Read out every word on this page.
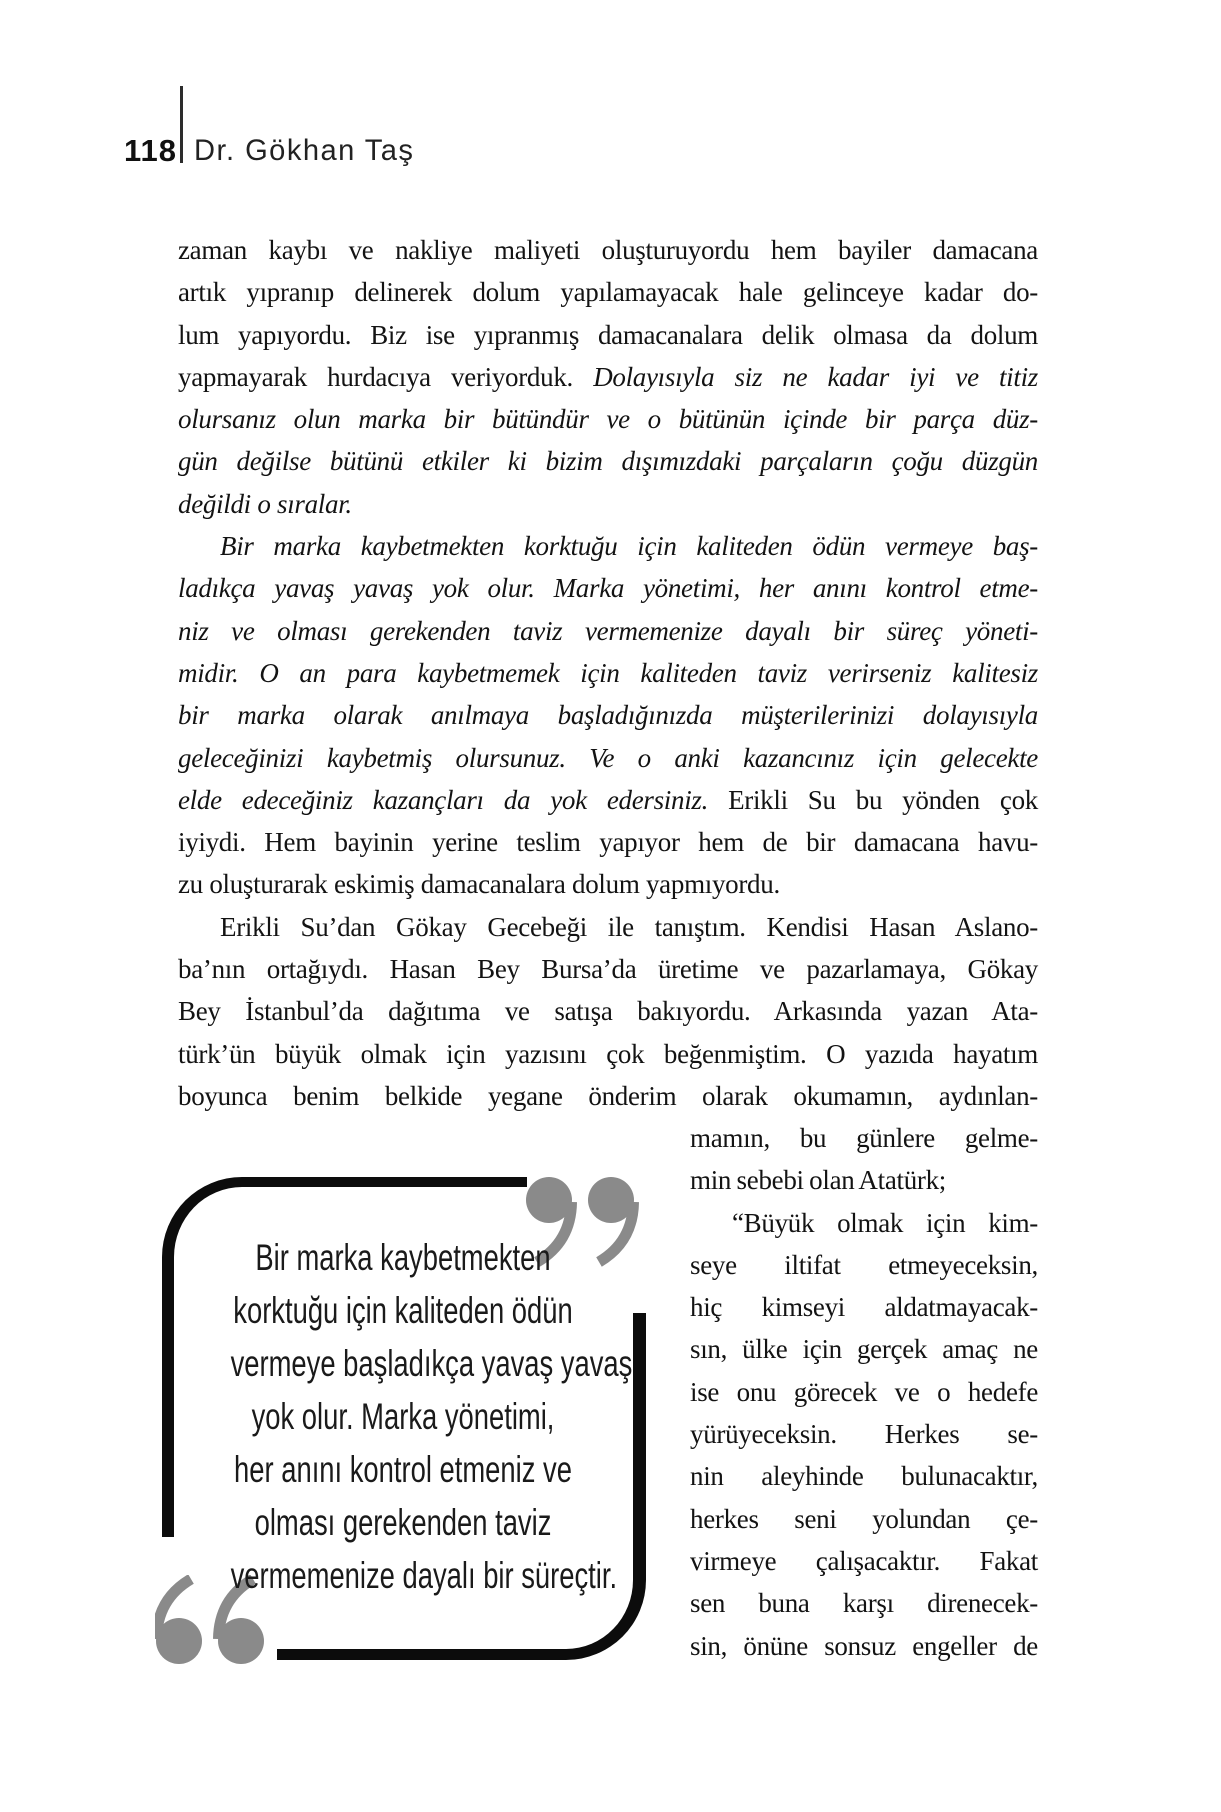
118 Dr. Gökhan Taş
zaman kaybı ve nakliye maliyeti oluşturuyordu hem bayiler damacana
artık yıpranıp delinerek dolum yapılamayacak hale gelinceye kadar do-
lum yapıyordu. Biz ise yıpranmış damacanalara delik olmasa da dolum
yapmayarak hurdacıya veriyorduk. Dolayısıyla siz ne kadar iyi ve titiz
olursanız olun marka bir bütündür ve o bütünün içinde bir parça düz-
gün değilse bütünü etkiler ki bizim dışımızdaki parçaların çoğu düzgün
değildi o sıralar.
Bir marka kaybetmekten korktuğu için kaliteden ödün vermeye baş-
ladıkça yavaş yavaş yok olur. Marka yönetimi, her anını kontrol etme-
niz ve olması gerekenden taviz vermemenize dayalı bir süreç yöneti-
midir. O an para kaybetmemek için kaliteden taviz verirseniz kalitesiz
bir marka olarak anılmaya başladığınızda müşterilerinizi dolayısıyla
geleceğinizi kaybetmiş olursunuz. Ve o anki kazancınız için gelecekte
elde edeceğiniz kazançları da yok edersiniz. Erikli Su bu yönden çok
iyiydi. Hem bayinin yerine teslim yapıyor hem de bir damacana havu-
zu oluşturarak eskimiş damacanalara dolum yapmıyordu.
Erikli Su’dan Gökay Gecebeği ile tanıştım. Kendisi Hasan Aslano-
ba’nın ortağıydı. Hasan Bey Bursa’da üretime ve pazarlamaya, Gökay
Bey İstanbul’da dağıtıma ve satışa bakıyordu. Arkasında yazan Ata-
türk’ün büyük olmak için yazısını çok beğenmiştim. O yazıda hayatım
boyunca benim belkide yegane önderim olarak okumamın, aydınlan-
mamın, bu günlere gelme-
min sebebi olan Atatürk;
“Büyük olmak için kim-
seye iltifat etmeyeceksin,
hiç kimseyi aldatmayacak-
sın, ülke için gerçek amaç ne
ise onu görecek ve o hedefe
yürüyeceksin. Herkes se-
nin aleyhinde bulunacaktır,
herkes seni yolundan çe-
virmeye çalışacaktır. Fakat
sen buna karşı direnecek-
sin, önüne sonsuz engeller de
Bir marka kaybetmekten
korktuğu için kaliteden ödün
vermeye başladıkça yavaş yavaş
yok olur. Marka yönetimi,
her anını kontrol etmeniz ve
olması gerekenden taviz
vermemenize dayalı bir süreçtir.
